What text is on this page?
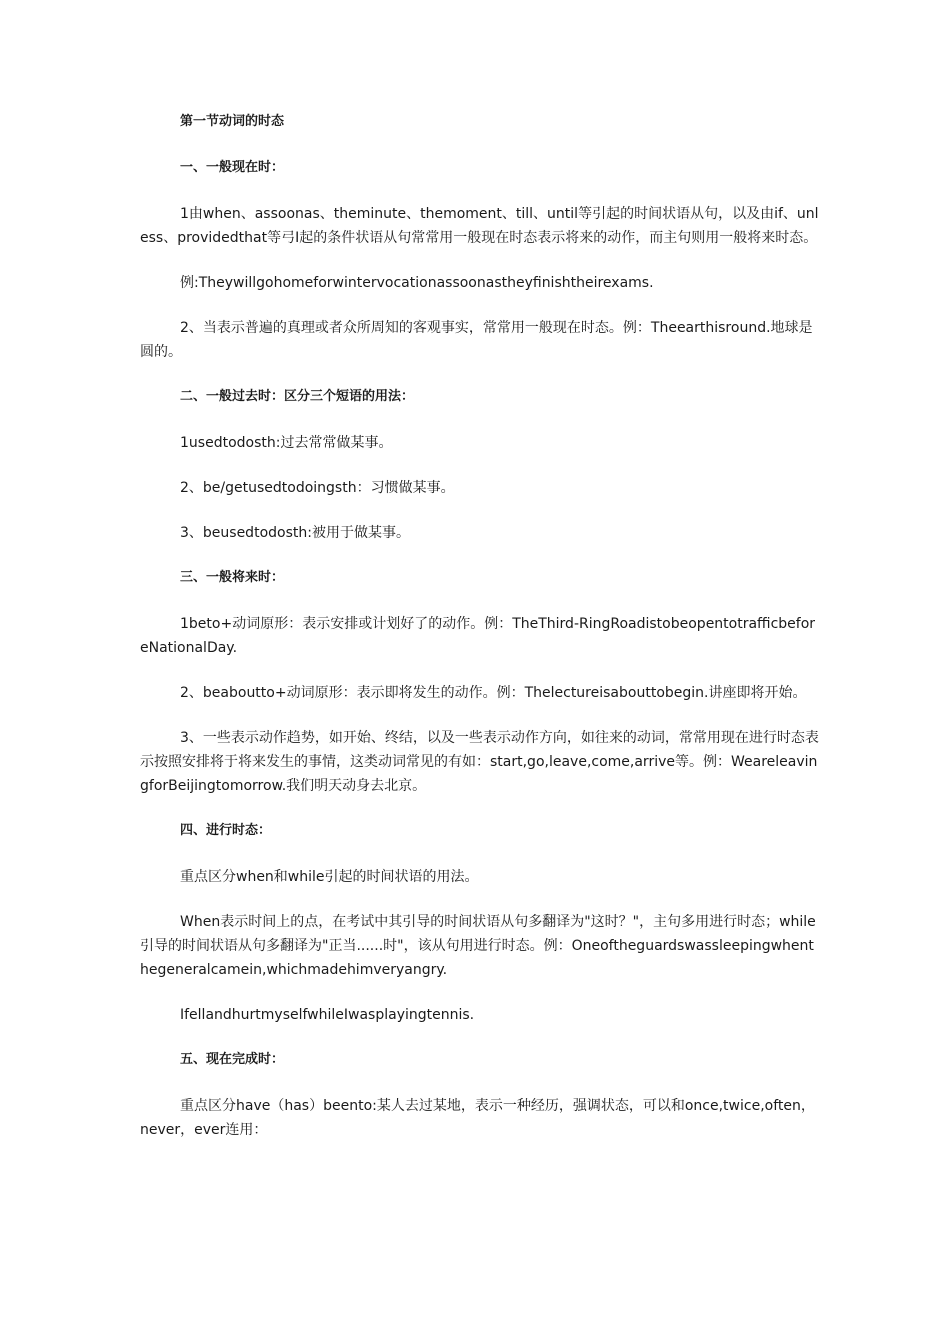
第一节动词的时态
一、一般现在时：

1由when、assoonas、theminute、themoment、till、until等引起的时间状语从句，以及由if、unless、providedthat等弓I起的条件状语从句常常用一般现在时态表示将来的动作，而主句则用一般将来时态。

例:Theywillgohomeforwintervocationassoonastheyfinishtheirexams.

2、当表示普遍的真理或者众所周知的客观事实，常常用一般现在时态。例：Theearthisround.地球是圆的。

二、一般过去时：区分三个短语的用法：

1usedtodosth:过去常常做某事。

2、be/getusedtodoingsth：习惯做某事。

3、beusedtodosth:被用于做某事。

三、一般将来时：

1beto+动词原形：表示安排或计划好了的动作。例：TheThird-RingRoadistobeopentotrafficbeforeNationalDay.

2、beaboutto+动词原形：表示即将发生的动作。例：Thelectureisabouttobegin.讲座即将开始。

3、一些表示动作趋势，如开始、终结，以及一些表示动作方向，如往来的动词，常常用现在进行时态表示按照安排将于将来发生的事情，这类动词常见的有如：start,go,leave,come,arrive等。例：WeareleavingforBeijingtomorrow.我们明天动身去北京。

四、进行时态：

重点区分when和while引起的时间状语的用法。

When表示时间上的点，在考试中其引导的时间状语从句多翻译为"这时？"，主句多用进行时态；while引导的时间状语从句多翻译为"正当......时"，该从句用进行时态。例：Oneoftheguardswassleepingwhenthegeneralcamein,whichmadehimveryangry.

IfellandhurtmyselfwhileIwasplayingtennis.

五、现在完成时：

重点区分have（has）beento:某人去过某地，表示一种经历，强调状态，可以和once,twice,often，never，ever连用：
